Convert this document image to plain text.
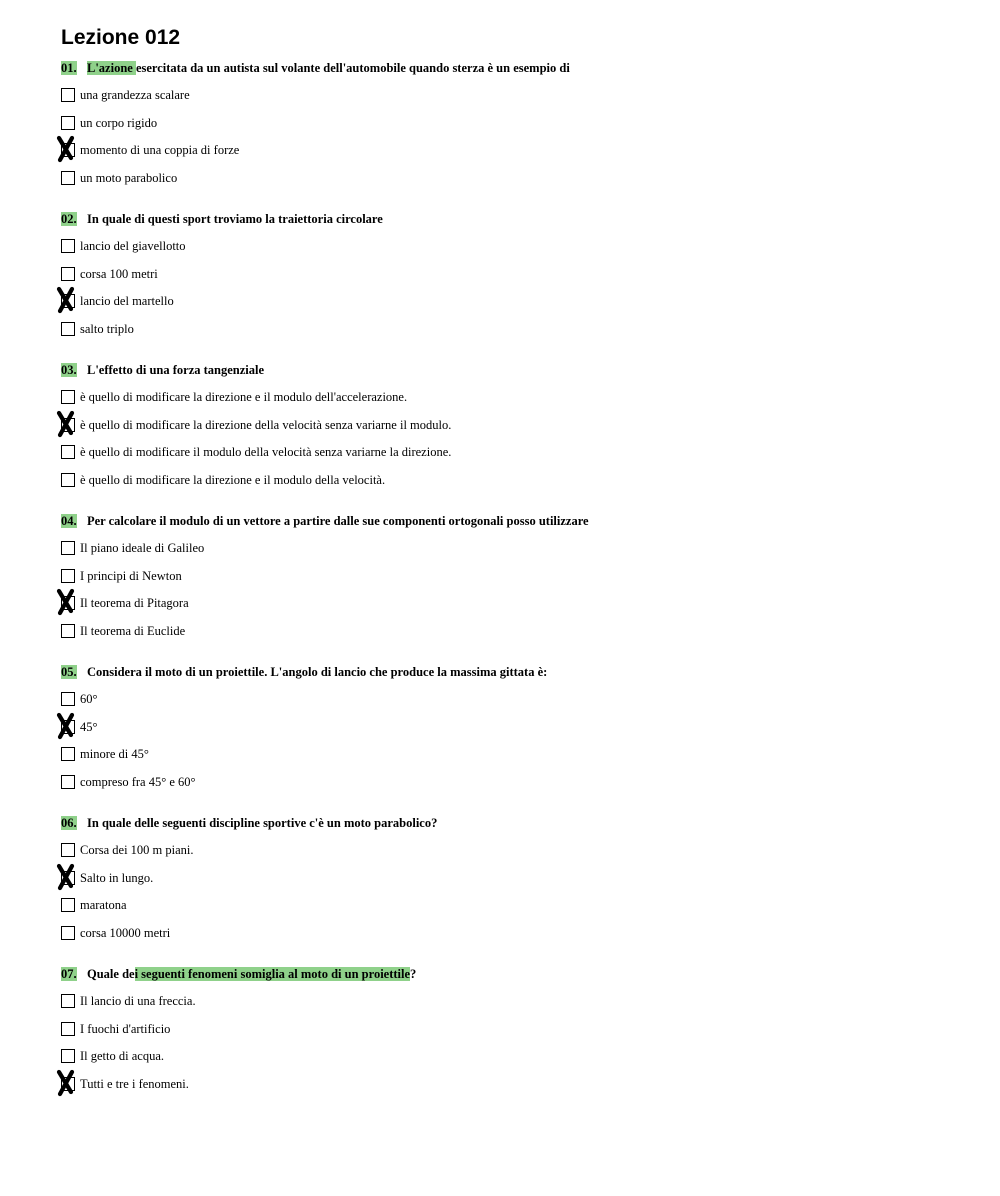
Lezione 012
01. L'azione esercitata da un autista sul volante dell'automobile quando sterza è un esempio di
una grandezza scalare
un corpo rigido
momento di una coppia di forze
un moto parabolico
02. In quale di questi sport troviamo la traiettoria circolare
lancio del giavellotto
corsa 100 metri
lancio del martello
salto triplo
03. L'effetto di una forza tangenziale
è quello di modificare la direzione e il modulo dell'accelerazione.
è quello di modificare la direzione della velocità senza variarne il modulo.
è quello di modificare il modulo della velocità senza variarne la direzione.
è quello di modificare la direzione e il modulo della velocità.
04. Per calcolare il modulo di un vettore a partire dalle sue componenti ortogonali posso utilizzare
Il piano ideale di Galileo
I principi di Newton
Il teorema di Pitagora
Il teorema di Euclide
05. Considera il moto di un proiettile. L'angolo di lancio che produce la massima gittata è:
60°
45°
minore di 45°
compreso fra 45° e 60°
06. In quale delle seguenti discipline sportive c'è un moto parabolico?
Corsa dei 100 m piani.
Salto in lungo.
maratona
corsa 10000 metri
07. Quale dei seguenti fenomeni somiglia al moto di un proiettile?
Il lancio di una freccia.
I fuochi d'artificio
Il getto di acqua.
Tutti e tre i fenomeni.
